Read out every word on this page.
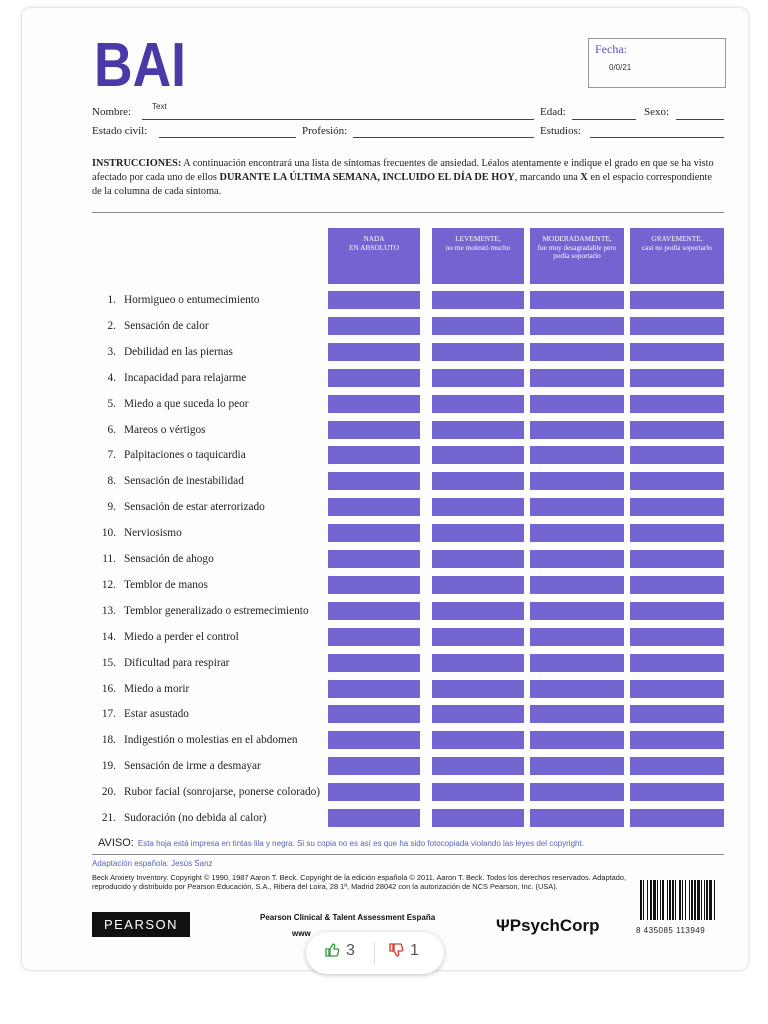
BAI	Fecha:
0/0/21
Nombre:	Text	Edad:	Sexo:
Estado civil:	Profesión:	Estudios:
INSTRUCCIONES: A continuación encontrará una lista de síntomas frecuentes de ansiedad. Léalos atentamente e indique el grado en que se ha visto afectado por cada uno de ellos DURANTE LA ÚLTIMA SEMANA, INCLUIDO EL DÍA DE HOY, marcando una X en el espacio correspondiente de la columna de cada síntoma.
NADA
EN ABSOLUTO
LEVEMENTE,
no me molestó mucho
MODERADAMENTE,
fue muy desagradable pero podía soportarlo
GRAVEMENTE,
casi no podía soportarlo
1. Hormigueo o entumecimiento
2. Sensación de calor
3. Debilidad en las piernas
4. Incapacidad para relajarme
5. Miedo a que suceda lo peor
6. Mareos o vértigos
7. Palpitaciones o taquicardia
8. Sensación de inestabilidad
9. Sensación de estar aterrorizado
10. Nerviosismo
11. Sensación de ahogo
12. Temblor de manos
13. Temblor generalizado o estremecimiento
14. Miedo a perder el control
15. Dificultad para respirar
16. Miedo a morir
17. Estar asustado
18. Indigestión o molestias en el abdomen
19. Sensación de irme a desmayar
20. Rubor facial (sonrojarse, ponerse colorado)
21. Sudoración (no debida al calor)
AVISO: Esta hoja está impresa en tintas lila y negra. Si su copia no es así es que ha sido fotocopiada violando las leyes del copyright.
Adaptación española: Jesús Sanz
Beck Anxiety Inventory. Copyright © 1990, 1987 Aaron T. Beck. Copyright de la edición española © 2011. Aaron T. Beck. Todos los derechos reservados. Adaptado, reproducido y distribuido por Pearson Educación, S.A., Ribera del Loira, 28 1ª, Madrid 28042 con la autorización de NCS Pearson, Inc. (USA).
PEARSON	Pearson Clinical & Talent Assessment España
www	ΨPsychCorp	8 435085 113949
3	1
